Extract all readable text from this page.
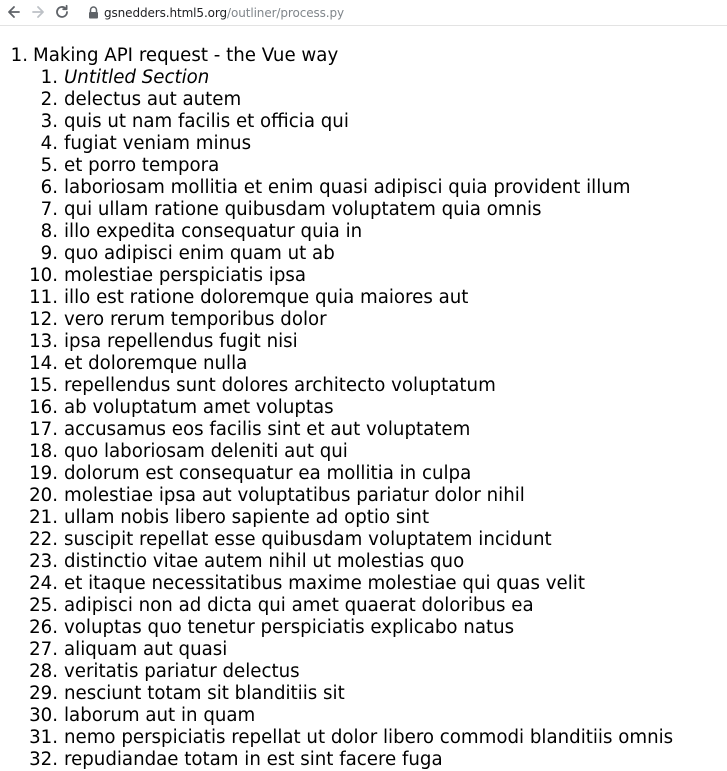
gsnedders.html5.org /outliner/process.py
1. Making API request - the Vue way
1. Untitled Section
2. delectus aut autem
3. quis ut nam facilis et officia qui
4. fugiat veniam minus
5. et porro tempora
6. laboriosam mollitia et enim quasi adipisci quia provident illum
7. qui ullam ratione quibusdam voluptatem quia omnis
8. illo expedita consequatur quia in
9. quo adipisci enim quam ut ab
10. molestiae perspiciatis ipsa
11. illo est ratione doloremque quia maiores aut
12. vero rerum temporibus dolor
13. ipsa repellendus fugit nisi
14. et doloremque nulla
15. repellendus sunt dolores architecto voluptatum
16. ab voluptatum amet voluptas
17. accusamus eos facilis sint et aut voluptatem
18. quo laboriosam deleniti aut qui
19. dolorum est consequatur ea mollitia in culpa
20. molestiae ipsa aut voluptatibus pariatur dolor nihil
21. ullam nobis libero sapiente ad optio sint
22. suscipit repellat esse quibusdam voluptatem incidunt
23. distinctio vitae autem nihil ut molestias quo
24. et itaque necessitatibus maxime molestiae qui quas velit
25. adipisci non ad dicta qui amet quaerat doloribus ea
26. voluptas quo tenetur perspiciatis explicabo natus
27. aliquam aut quasi
28. veritatis pariatur delectus
29. nesciunt totam sit blanditiis sit
30. laborum aut in quam
31. nemo perspiciatis repellat ut dolor libero commodi blanditiis omnis
32. repudiandae totam in est sint facere fuga
